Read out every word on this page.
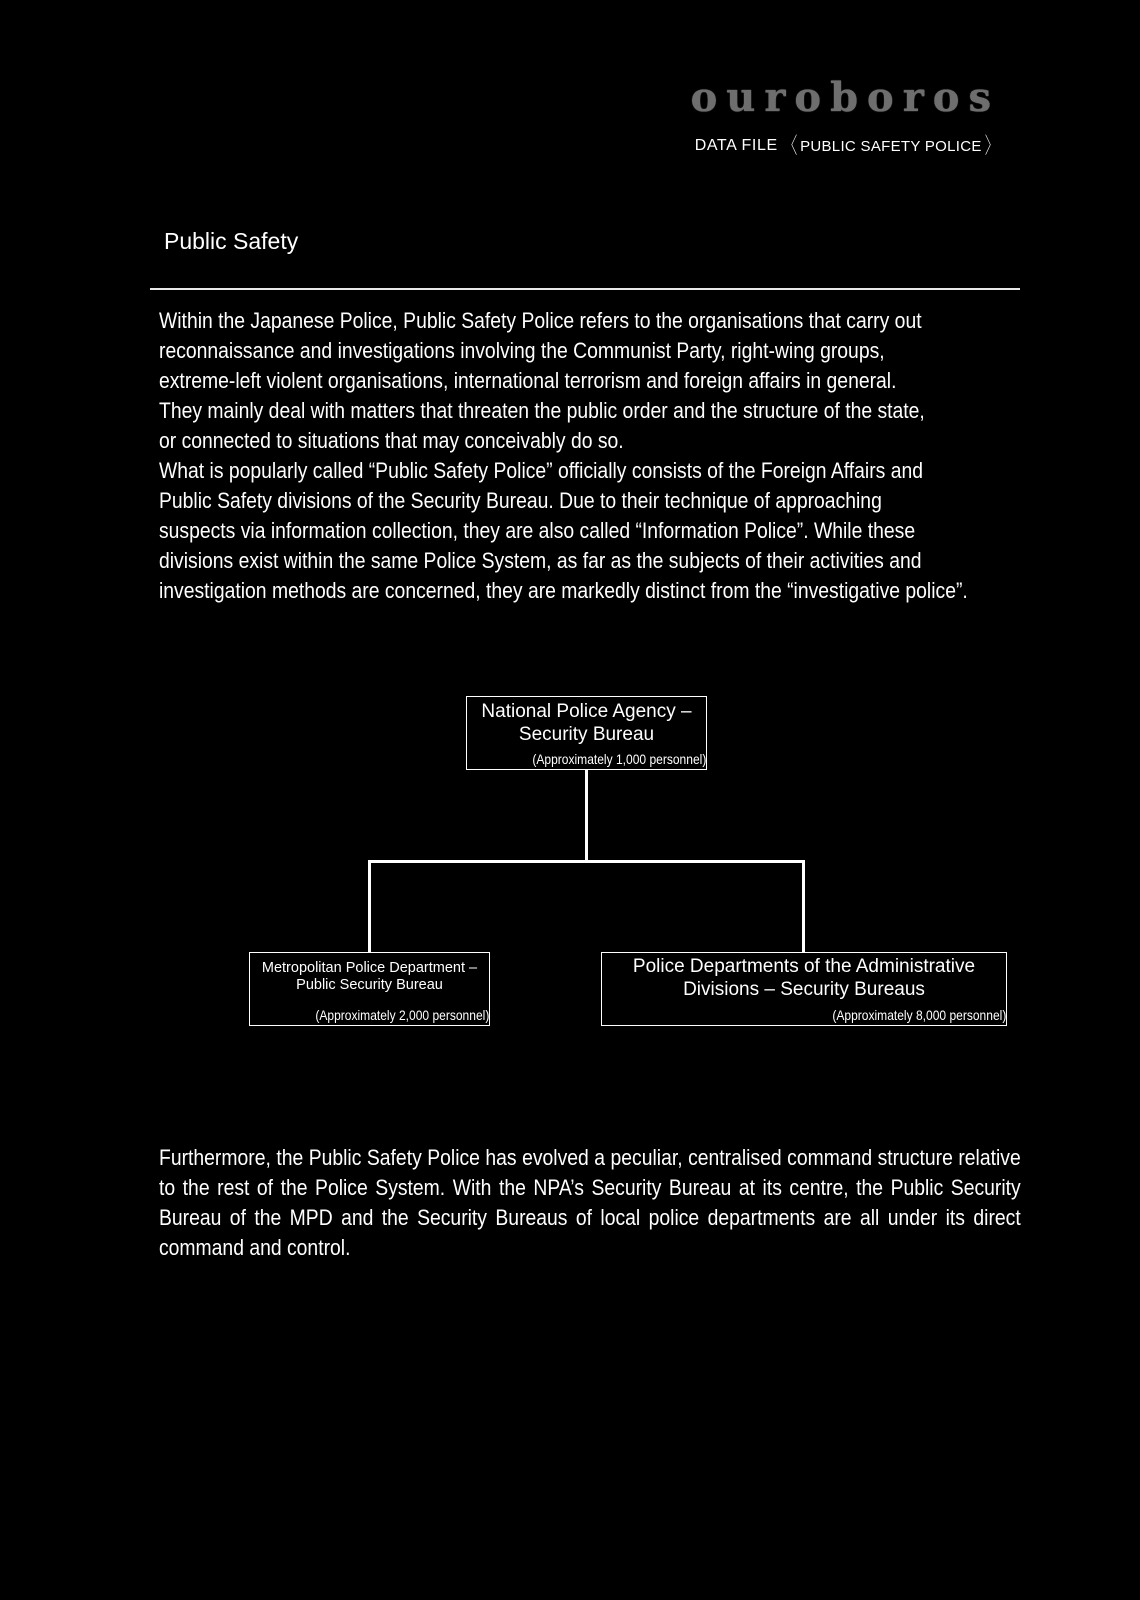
ouroboros
DATA FILE 〈 PUBLIC SAFETY POLICE 〉
Public Safety
Within the Japanese Police, Public Safety Police refers to the organisations that carry out
reconnaissance and investigations involving the Communist Party, right-wing groups,
extreme-left violent organisations, international terrorism and foreign affairs in general.
They mainly deal with matters that threaten the public order and the structure of the state,
or connected to situations that may conceivably do so.
What is popularly called “Public Safety Police” officially consists of the Foreign Affairs and
Public Safety divisions of the Security Bureau. Due to their technique of approaching
suspects via information collection, they are also called “Information Police”. While these
divisions exist within the same Police System, as far as the subjects of their activities and
investigation methods are concerned, they are markedly distinct from the “investigative police”.
National Police Agency –
Security Bureau
(Approximately 1,000 personnel)
Metropolitan Police Department –
Public Security Bureau
(Approximately 2,000 personnel)
Police Departments of the Administrative
Divisions – Security Bureaus
(Approximately 8,000 personnel)
Furthermore, the Public Safety Police has evolved a peculiar, centralised command structure relative to the rest of the Police System. With the NPA’s Security Bureau at its centre, the Public Security Bureau of the MPD and the Security Bureaus of local police departments are all under its direct command and control.
